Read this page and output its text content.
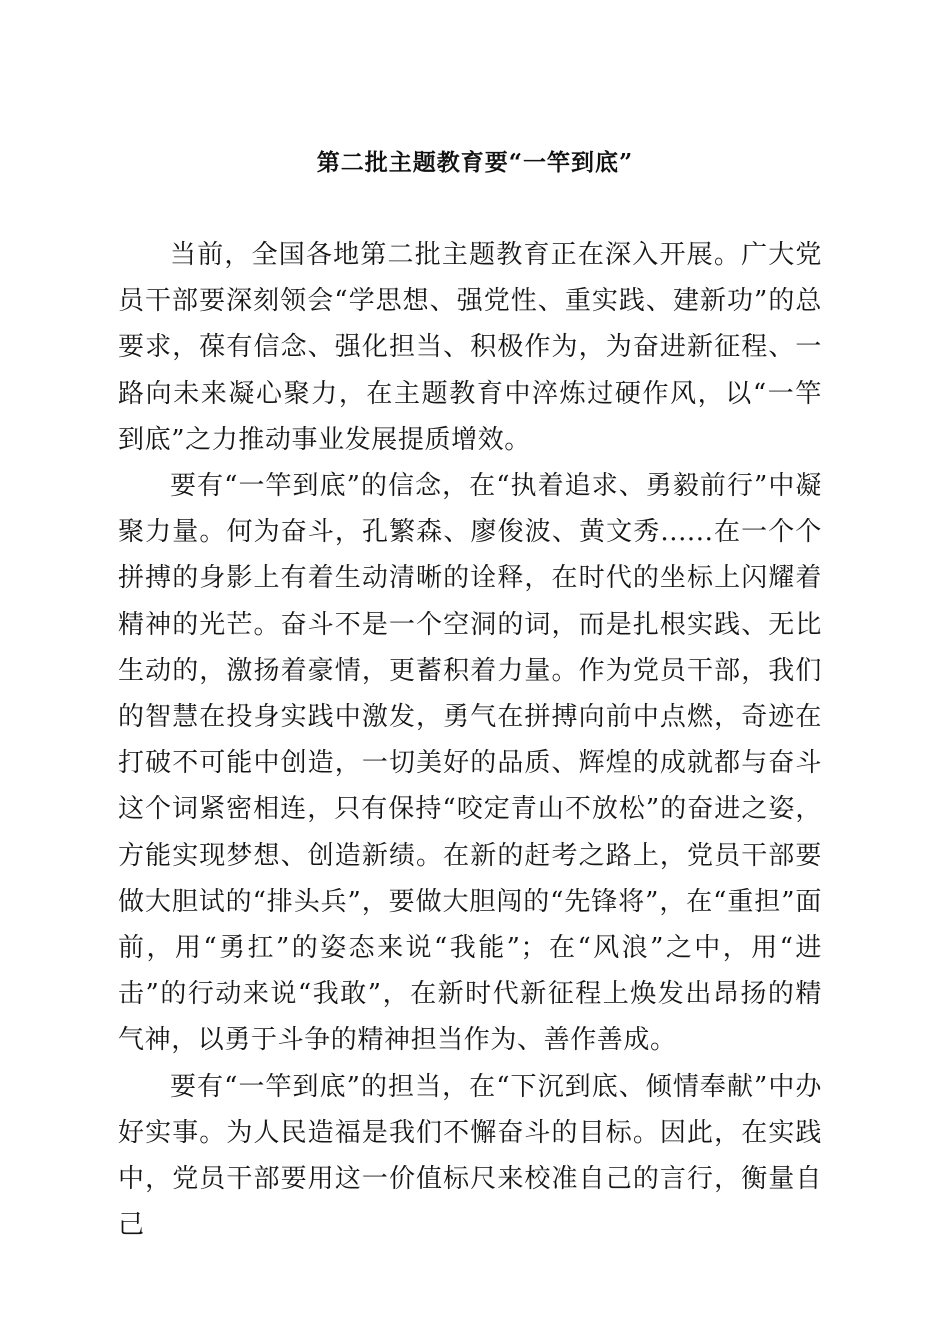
第二批主题教育要“一竿到底”

当前，全国各地第二批主题教育正在深入开展。广大党员干部要深刻领会“学思想、强党性、重实践、建新功”的总要求，葆有信念、强化担当、积极作为，为奋进新征程、一路向未来凝心聚力，在主题教育中淬炼过硬作风，以“一竿到底”之力推动事业发展提质增效。

要有“一竿到底”的信念，在“执着追求、勇毅前行”中凝聚力量。何为奋斗，孔繁森、廖俊波、黄文秀......在一个个拼搏的身影上有着生动清晰的诠释，在时代的坐标上闪耀着精神的光芒。奋斗不是一个空洞的词，而是扎根实践、无比生动的，激扬着豪情，更蓄积着力量。作为党员干部，我们的智慧在投身实践中激发，勇气在拼搏向前中点燃，奇迹在打破不可能中创造，一切美好的品质、辉煌的成就都与奋斗这个词紧密相连，只有保持“咬定青山不放松”的奋进之姿，方能实现梦想、创造新绩。在新的赶考之路上，党员干部要做大胆试的“排头兵”，要做大胆闯的“先锋将”，在“重担”面前，用“勇扛”的姿态来说“我能”；在“风浪”之中，用“进击”的行动来说“我敢”，在新时代新征程上焕发出昂扬的精气神，以勇于斗争的精神担当作为、善作善成。

要有“一竿到底”的担当，在“下沉到底、倾情奉献”中办好实事。为人民造福是我们不懈奋斗的目标。因此，在实践中，党员干部要用这一价值标尺来校准自己的言行，衡量自己
